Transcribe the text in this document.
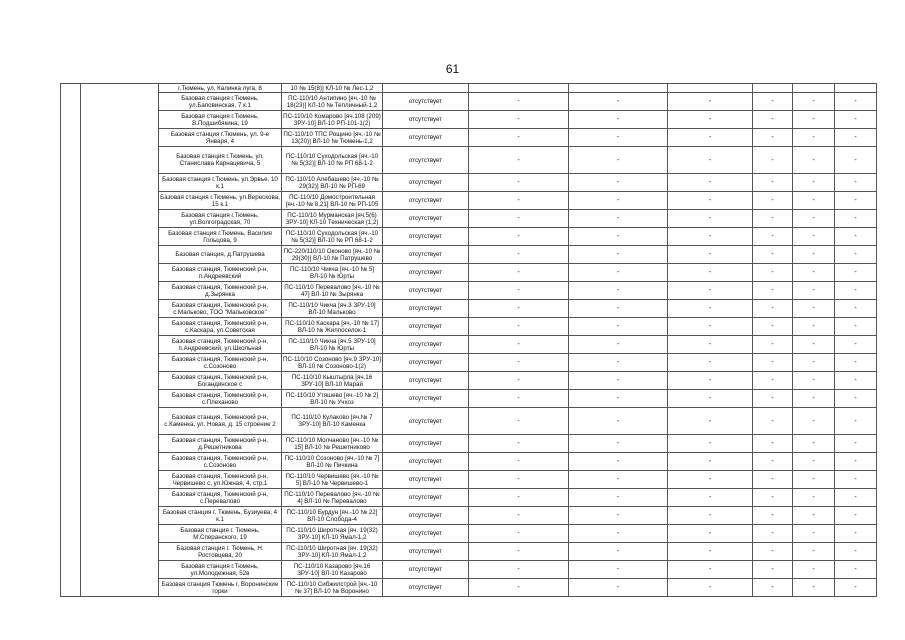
61
		г.Тюмень, ул. Калинка луга, 8	10 № 15(8)] КЛ-10 № Лес-1,2							
		Базовая станция г.Тюмень, ул.Баповинская, 7 к.1	ПС-110/10 Антипино [яч.-10 № 18(23)] КЛ-10 № Тепличный-1,2	отсутствует	-	-	-	-	-	-
		Базовая станция г.Тюмень, В.Подшибякина, 19	ПС-110/10 Комарово [яч.108 (209) ЗРУ-10] ВЛ-10 РП-101-1(2)	отсутствует	-	-	-	-	-	-
		Базовая станция г.Тюмень, ул. 9-е Января, 4	ПС-110/10 ТПС Рощино [яч.-10 № 13(20)] ВЛ-10 № Тюмень-1,2	отсутствует	-	-	-	-	-	-
		Базовая станция г.Тюмень, ул. Станислава Карнацевича, 5	ПС-110/10 Суходольская [яч.-10 № 5(32)] ВЛ-10 № РП 68-1-2	отсутствует	-	-	-	-	-	-
		Базовая станция г.Тюмень, ул.Эрвье, 10 к.1	ПС-110/10 Алебашево [яч.-10 № 29(32)] ВЛ-10 № РП-69	отсутствует	-	-	-	-	-	-
		Базовая станция г.Тюмень, ул.Верескова, 15 к.1	ПС-110/10 Домостроительная [яч.-10 № 8,21] ВЛ-10 № РП-105	отсутствует	-	-	-	-	-	-
		Базовая станция г.Тюмень, ул.Волгоградская, 70	ПС-110/10 Мурманская [яч.5(6) ЗРУ-10] КЛ-10 Техническая (1,2)	отсутствует	-	-	-	-	-	-
		Базовая станция г.Тюмень, Василия Гольцова, 9	ПС-110/10 Суходольская [яч.-10 № 5(32)] ВЛ-10 № РП 68-1-2	отсутствует	-	-	-	-	-	-
		Базовая станция, д.Патрушева	ПС-220/110/10 Оконово [яч.-10 № 29(30)] ВЛ-10 № Патрушево	отсутствует	-	-	-	-	-	-
		Базовая станция, Тюменский р-н, п.Андреевский	ПС-110/10 Чикча [яч.-10 № 5] ВЛ-10 № Юрты	отсутствует	-	-	-	-	-	-
		Базовая станция, Тюменский р-н, д.Зырянка	ПС-110/10 Перевалово [яч.-10 № 47] ВЛ-10 № Зырянка	отсутствует	-	-	-	-	-	-
		Базовая станция, Тюменский р-н, с.Мальково, ТОО "Мальковское"	ПС-110/10 Чикча [яч.3 ЗРУ-10] ВЛ-10 Мальково	отсутствует	-	-	-	-	-	-
		Базовая станция, Тюменский р-н, с.Каскара, ул.Советская	ПС-110/10 Каскара [яч.-10 № 17] ВЛ-10 № Жилпоселок-1	отсутствует	-	-	-	-	-	-
		Базовая станция, Тюменский р-н, п.Андреевский, ул.Школьная	ПС-110/10 Чикча [яч.5 ЗРУ-10] ВЛ-10 № Юрты	отсутствует	-	-	-	-	-	-
		Базовая станция, Тюменский р-н, с.Созоново	ПС-110/10 Созоново [яч.9 ЗРУ-10] ВЛ-10 № Созоново-1(2)	отсутствует	-	-	-	-	-	-
		Базовая станция, Тюменский р-н, Богандинское с	ПС-110/10 Кыштырла [яч.16 ЗРУ-10] ВЛ-10 Марай	отсутствует	-	-	-	-	-	-
		Базовая станция, Тюменский р-н, с.Плеханово	ПС-110/10 Утяшево [яч.-10 № 2] ВЛ-10 № Учхоз	отсутствует	-	-	-	-	-	-
		Базовая станция, Тюменский р-н, с.Каменка, ул. Новая, д. 15 строение 2	ПС-110/10 Кулаково [яч.№ 7 ЗРУ-10] ВЛ-10 Каменка	отсутствует	-	-	-	-	-	-
		Базовая станция, Тюменский р-н, д.Решетникова	ПС-110/10 Молчаново [яч.-10 № 15] ВЛ-10 № Решетниково	отсутствует	-	-	-	-	-	-
		Базовая станция, Тюменский р-н, с.Созоново	ПС-110/10 Созоново [яч.-10 № 7] ВЛ-10 № Пичкина	отсутствует	-	-	-	-	-	-
		Базовая станция, Тюменский р-н, Червишево с, ул.Южная, 4, стр.1	ПС-110/10 Червишево [яч.-10 № 5] ВЛ-10 № Червишево-1	отсутствует	-	-	-	-	-	-
		Базовая станция, Тюменский р-н, с.Перевалово	ПС-110/10 Перевалово [яч.-10 № 4] ВЛ-10 № Перевалово	отсутствует	-	-	-	-	-	-
		Базовая станция г. Тюмень, Бузиуева, 4 к.1	ПС-110/10 Бурдун [яч.-10 № 22] ВЛ-10 Слобода-4	отсутствует	-	-	-	-	-	-
		Базовая станция г. Тюмень, М.Сперанского, 19	ПС-110/10 Широтная [яч. 19(32) ЗРУ-10] КЛ-10 Ямал-1,2	отсутствует	-	-	-	-	-	-
		Базовая станция г. Тюмень, Н. Ростовцева, 20	ПС-110/10 Широтная [яч. 19(32) ЗРУ-10] КЛ-10 Ямал-1,2	отсутствует	-	-	-	-	-	-
		Базовая станция г.Тюмень, ул.Молодежная, 52в	ПС-110/10 Казарово [яч.16 ЗРУ-10] ВЛ-10 Казарово	отсутствует	-	-	-	-	-	-
		Базовая станция Тюмень г, Воронинские горки	ПС-110/10 Сибжилстрой [яч.-10 № 37] ВЛ-10 № Воронино	отсутствует	-	-	-	-	-	-
